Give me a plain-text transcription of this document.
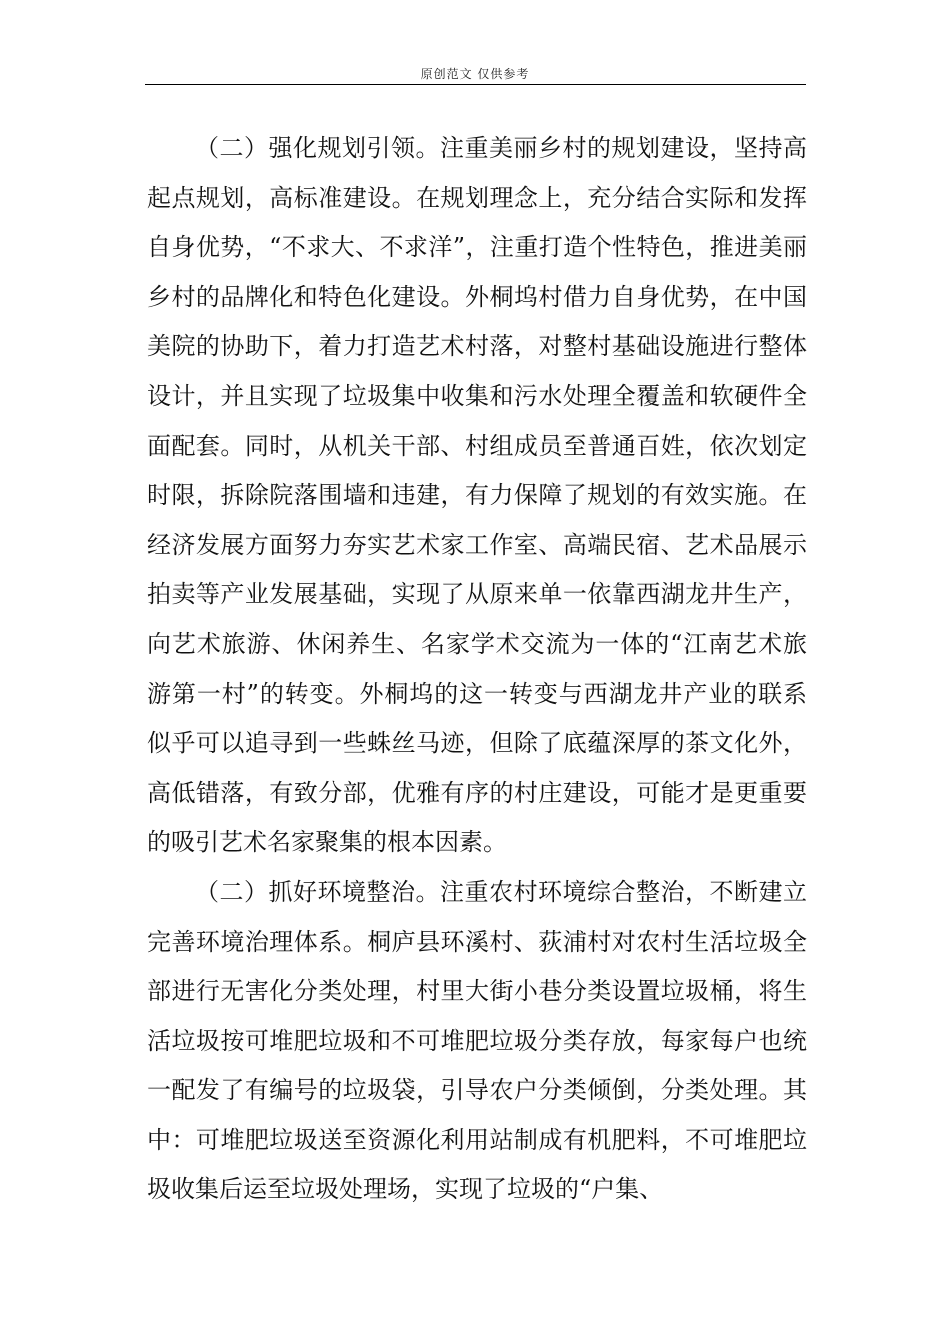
原创范文 仅供参考

（二）强化规划引领。注重美丽乡村的规划建设，坚持高起点规划，高标准建设。在规划理念上，充分结合实际和发挥自身优势，“不求大、不求洋”，注重打造个性特色，推进美丽乡村的品牌化和特色化建设。外桐坞村借力自身优势，在中国美院的协助下，着力打造艺术村落，对整村基础设施进行整体设计，并且实现了垃圾集中收集和污水处理全覆盖和软硬件全面配套。同时，从机关干部、村组成员至普通百姓，依次划定时限，拆除院落围墙和违建，有力保障了规划的有效实施。在经济发展方面努力夯实艺术家工作室、高端民宿、艺术品展示拍卖等产业发展基础，实现了从原来单一依靠西湖龙井生产，向艺术旅游、休闲养生、名家学术交流为一体的“江南艺术旅游第一村”的转变。外桐坞的这一转变与西湖龙井产业的联系似乎可以追寻到一些蛛丝马迹，但除了底蕴深厚的茶文化外，高低错落，有致分部，优雅有序的村庄建设，可能才是更重要的吸引艺术名家聚集的根本因素。

（二）抓好环境整治。注重农村环境综合整治，不断建立完善环境治理体系。桐庐县环溪村、荻浦村对农村生活垃圾全部进行无害化分类处理，村里大街小巷分类设置垃圾桶，将生活垃圾按可堆肥垃圾和不可堆肥垃圾分类存放，每家每户也统一配发了有编号的垃圾袋，引导农户分类倾倒，分类处理。其中：可堆肥垃圾送至资源化利用站制成有机肥料，不可堆肥垃圾收集后运至垃圾处理场，实现了垃圾的“户集、
